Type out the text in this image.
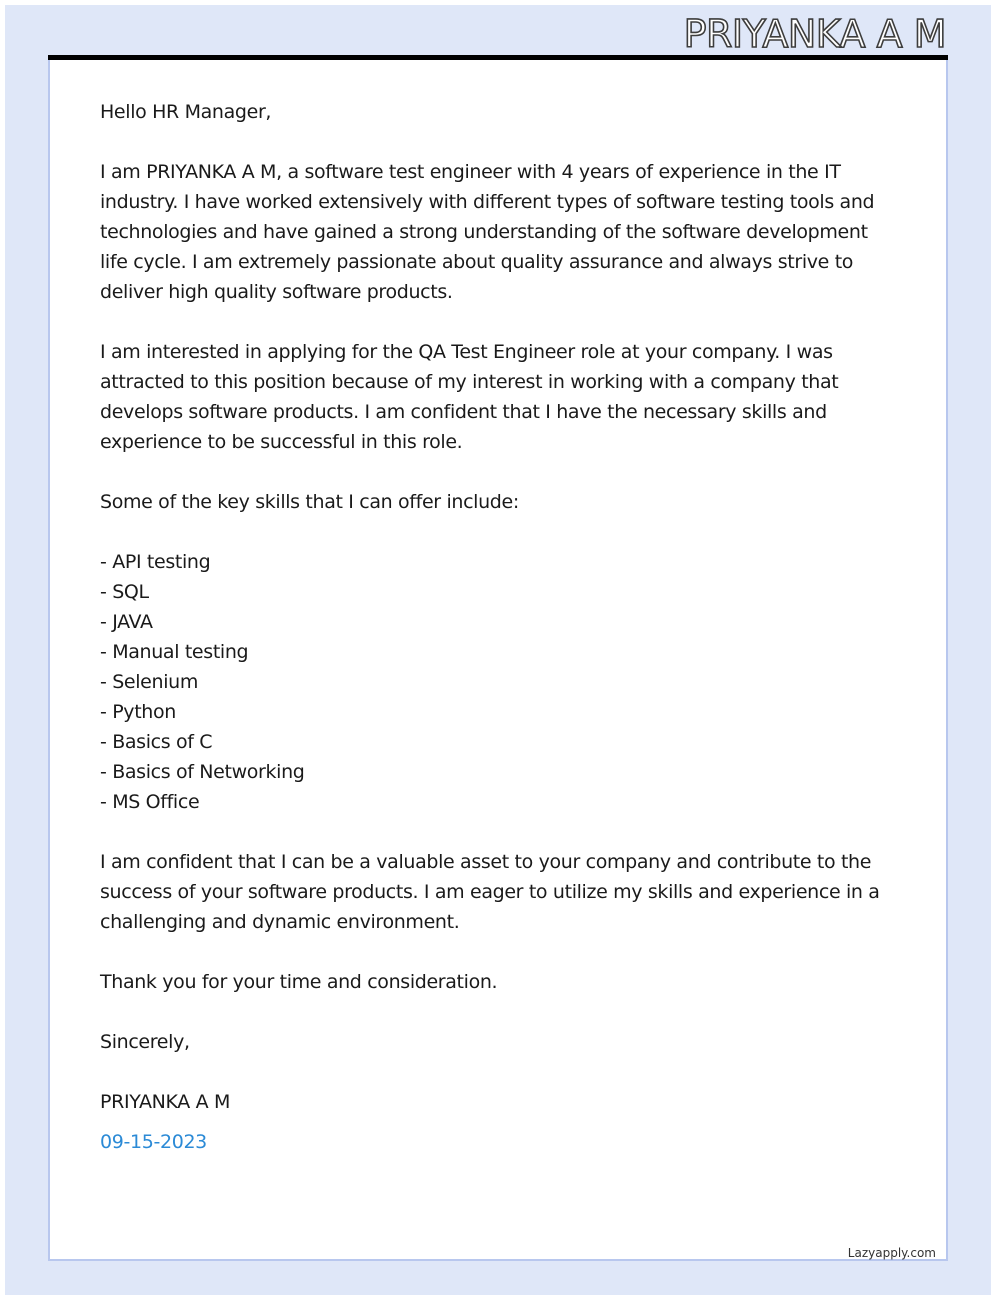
PRIYANKA A M

Hello HR Manager,

I am PRIYANKA A M, a software test engineer with 4 years of experience in the IT industry. I have worked extensively with different types of software testing tools and technologies and have gained a strong understanding of the software development life cycle. I am extremely passionate about quality assurance and always strive to deliver high quality software products.

I am interested in applying for the QA Test Engineer role at your company. I was attracted to this position because of my interest in working with a company that develops software products. I am confident that I have the necessary skills and experience to be successful in this role.

Some of the key skills that I can offer include:

- API testing
- SQL
- JAVA
- Manual testing
- Selenium
- Python
- Basics of C
- Basics of Networking
- MS Office

I am confident that I can be a valuable asset to your company and contribute to the success of your software products. I am eager to utilize my skills and experience in a challenging and dynamic environment.

Thank you for your time and consideration.

Sincerely,

PRIYANKA A M

09-15-2023

Lazyapply.com
